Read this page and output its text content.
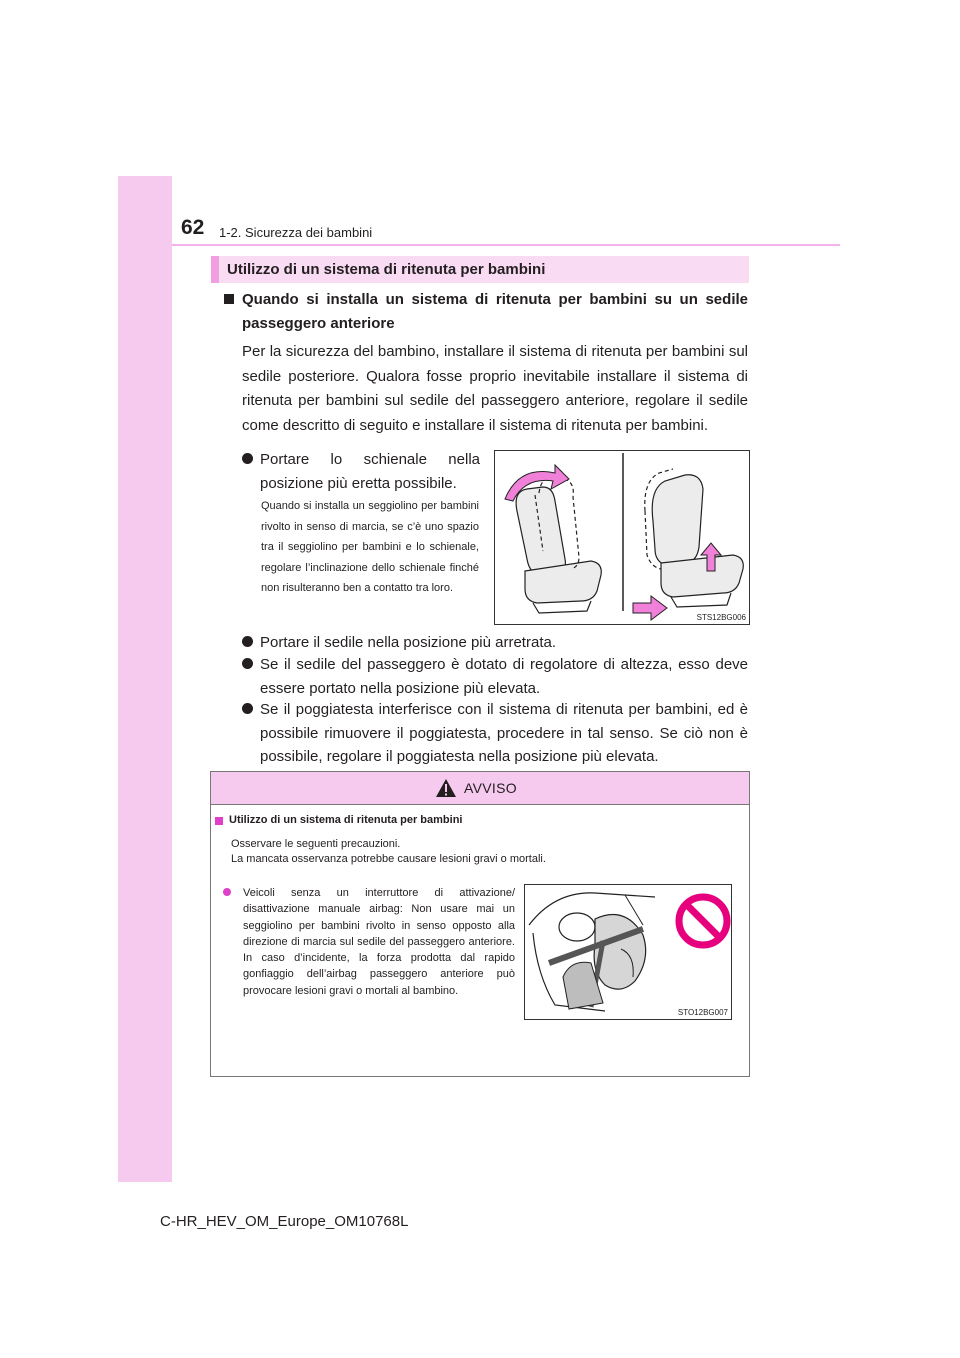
62 1-2. Sicurezza dei bambini
Utilizzo di un sistema di ritenuta per bambini
Quando si installa un sistema di ritenuta per bambini su un sedile passeggero anteriore
Per la sicurezza del bambino, installare il sistema di ritenuta per bambini sul sedile posteriore. Qualora fosse proprio inevitabile installare il sistema di ritenuta per bambini sul sedile del passeggero anteriore, regolare il sedile come descritto di seguito e installare il sistema di ritenuta per bambini.
Portare lo schienale nella posizione più eretta possibile.
Quando si installa un seggiolino per bambini rivolto in senso di marcia, se c’è uno spazio tra il seggiolino per bambini e lo schienale, regolare l’inclinazione dello schienale finché non risulteranno ben a contatto tra loro.
STS12BG006
Portare il sedile nella posizione più arretrata.
Se il sedile del passeggero è dotato di regolatore di altezza, esso deve essere portato nella posizione più elevata.
Se il poggiatesta interferisce con il sistema di ritenuta per bambini, ed è possibile rimuovere il poggiatesta, procedere in tal senso. Se ciò non è possibile, regolare il poggiatesta nella posizione più elevata.
AVVISO
Utilizzo di un sistema di ritenuta per bambini
Osservare le seguenti precauzioni.
La mancata osservanza potrebbe causare lesioni gravi o mortali.
Veicoli senza un interruttore di attivazione/ disattivazione manuale airbag: Non usare mai un seggiolino per bambini rivolto in senso opposto alla direzione di marcia sul sedile del passeggero anteriore. In caso d’incidente, la forza prodotta dal rapido gonfiaggio dell’airbag passeggero anteriore può provocare lesioni gravi o mortali al bambino.
STO12BG007
C-HR_HEV_OM_Europe_OM10768L
